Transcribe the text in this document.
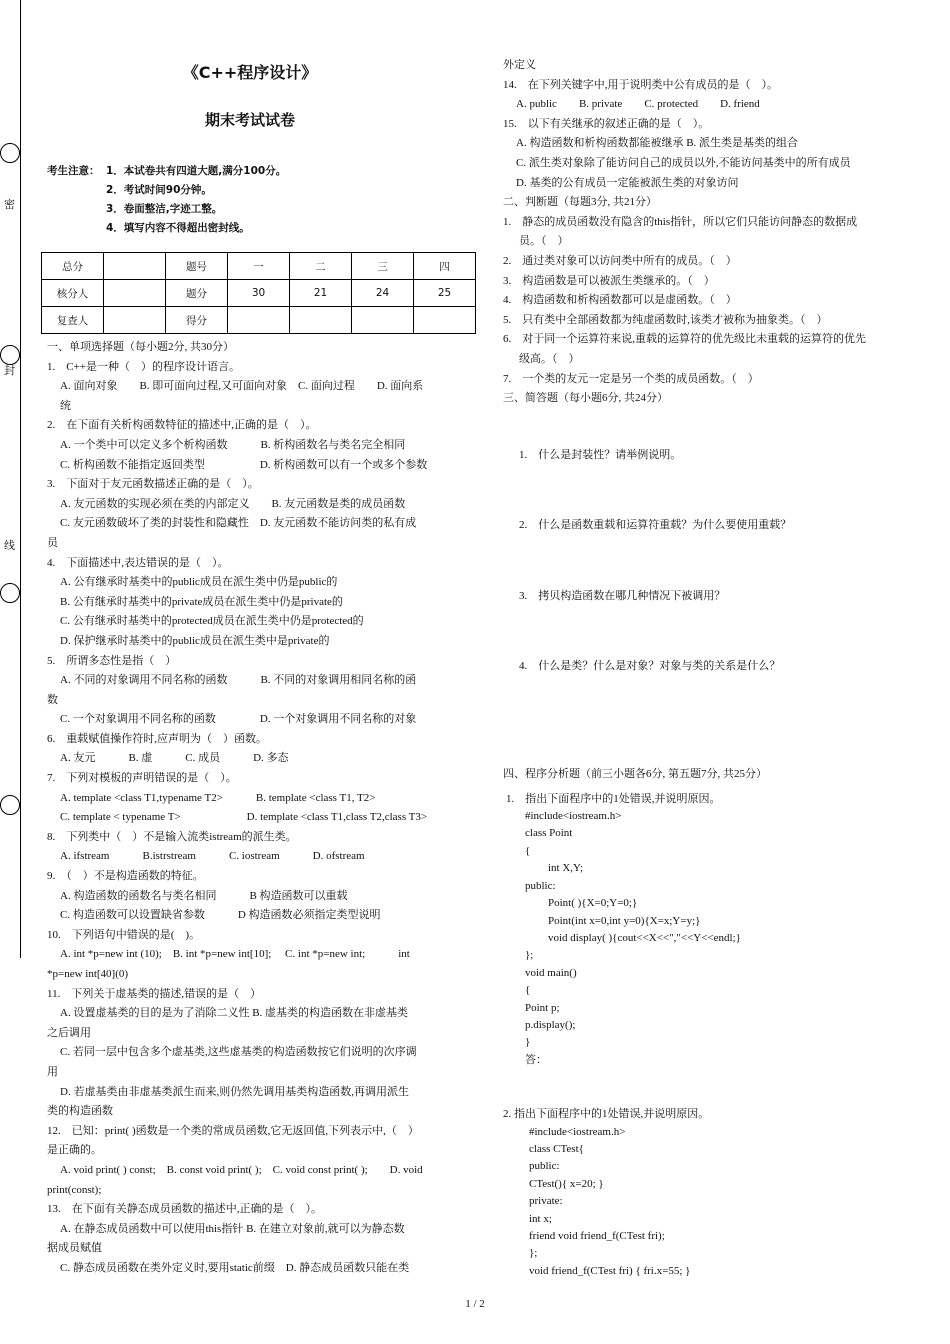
密
封
线
《C++程序设计》
期末考试试卷
考生注意： 1．本试卷共有四道大题,满分100分。
2．考试时间90分钟。
3．卷面整洁,字迹工整。
4．填写内容不得超出密封线。
总分		题号	一	二	三	四
核分人		题分	30	21	24	25
复查人		得分				
一、单项选择题（每小题2分, 共30分）
1.　C++是一种（　）的程序设计语言。
A. 面向对象　　B. 即可面向过程,又可面向对象　C. 面向过程　　D. 面向系
统
2.　在下面有关析构函数特征的描述中,正确的是（　）。
A. 一个类中可以定义多个析构函数　　　B. 析构函数名与类名完全相同
C. 析构函数不能指定返回类型　　　　　D. 析构函数可以有一个或多个参数
3.　下面对于友元函数描述正确的是（　）。
A. 友元函数的实现必须在类的内部定义　　B. 友元函数是类的成员函数
C. 友元函数破坏了类的封装性和隐藏性　D. 友元函数不能访问类的私有成
员
4.　下面描述中,表达错误的是（　）。
A. 公有继承时基类中的public成员在派生类中仍是public的
B. 公有继承时基类中的private成员在派生类中仍是private的
C. 公有继承时基类中的protected成员在派生类中仍是protected的
D. 保护继承时基类中的public成员在派生类中是private的
5.　所谓多态性是指（　）
A. 不同的对象调用不同名称的函数　　　B. 不同的对象调用相同名称的函
数
C. 一个对象调用不同名称的函数　　　　D. 一个对象调用不同名称的对象
6.　重载赋值操作符时,应声明为（　）函数。
A. 友元　　　B. 虚　　　C. 成员　　　D. 多态
7.　下列对模板的声明错误的是（　）。
A. template <class T1,typename T2>　　　B. template <class T1, T2>
C. template < typename T>　　　　　　D. template <class T1,class T2,class T3>
8.　下列类中（　）不是输入流类istream的派生类。
A. ifstream　　　B.istrstream　　　C. iostream　　　D. ofstream
9.　（　）不是构造函数的特征。
A. 构造函数的函数名与类名相同　　　B 构造函数可以重载
C. 构造函数可以设置缺省参数　　　D 构造函数必须指定类型说明
10.　下列语句中错误的是(　)。
A. int *p=new int (10);　B. int *p=new int[10];　 C. int *p=new int;　　　int
*p=new int[40](0)
11.　下列关于虚基类的描述,错误的是（　）
A. 设置虚基类的目的是为了消除二义性 B. 虚基类的构造函数在非虚基类
之后调用
C. 若同一层中包含多个虚基类,这些虚基类的构造函数按它们说明的次序调
用
D. 若虚基类由非虚基类派生而来,则仍然先调用基类构造函数,再调用派生
类的构造函数
12.　已知：print( )函数是一个类的常成员函数,它无返回值,下列表示中,（　）
是正确的。
A. void print( ) const;　B. const void print( );　C. void const print( );　　D. void
print(const);
13.　在下面有关静态成员函数的描述中,正确的是（　）。
A. 在静态成员函数中可以使用this指针 B. 在建立对象前,就可以为静态数
据成员赋值
C. 静态成员函数在类外定义时,要用static前缀　D. 静态成员函数只能在类
外定义
14.　在下列关键字中,用于说明类中公有成员的是（　）。
A. public　　B. private　　C. protected　　D. friend
15.　以下有关继承的叙述正确的是（　）。
A. 构造函数和析构函数都能被继承 B. 派生类是基类的组合
C. 派生类对象除了能访问自己的成员以外,不能访问基类中的所有成员
D. 基类的公有成员一定能被派生类的对象访问
二、判断题（每题3分, 共21分）
1.　静态的成员函数没有隐含的this指针，所以它们只能访问静态的数据成
员。（　）
2.　通过类对象可以访问类中所有的成员。（　）
3.　构造函数是可以被派生类继承的。（　）
4.　构造函数和析构函数都可以是虚函数。（　）
5.　只有类中全部函数都为纯虚函数时,该类才被称为抽象类。（　）
6.　对于同一个运算符来说,重载的运算符的优先级比未重载的运算符的优先
级高。（　）
7.　一个类的友元一定是另一个类的成员函数。（　）
三、简答题（每小题6分, 共24分）
1.　什么是封装性？请举例说明。
2.　什么是函数重载和运算符重载？为什么要使用重载？
3.　拷贝构造函数在哪几种情况下被调用？
4.　什么是类？什么是对象？对象与类的关系是什么？
四、程序分析题（前三小题各6分, 第五题7分, 共25分）
1.　指出下面程序中的1处错误,并说明原因。
#include<iostream.h>
class Point
{
int X,Y;
public:
Point( ){X=0;Y=0;}
Point(int x=0,int y=0){X=x;Y=y;}
void display( ){cout<<X<<","<<Y<<endl;}
};
void main()
{
Point p;
p.display();
}
答：
2. 指出下面程序中的1处错误,并说明原因。
#include<iostream.h>
class CTest{
public:
CTest(){ x=20; }
private:
int x;
friend void friend_f(CTest fri);
};
void friend_f(CTest fri) { fri.x=55; }
1 / 2
